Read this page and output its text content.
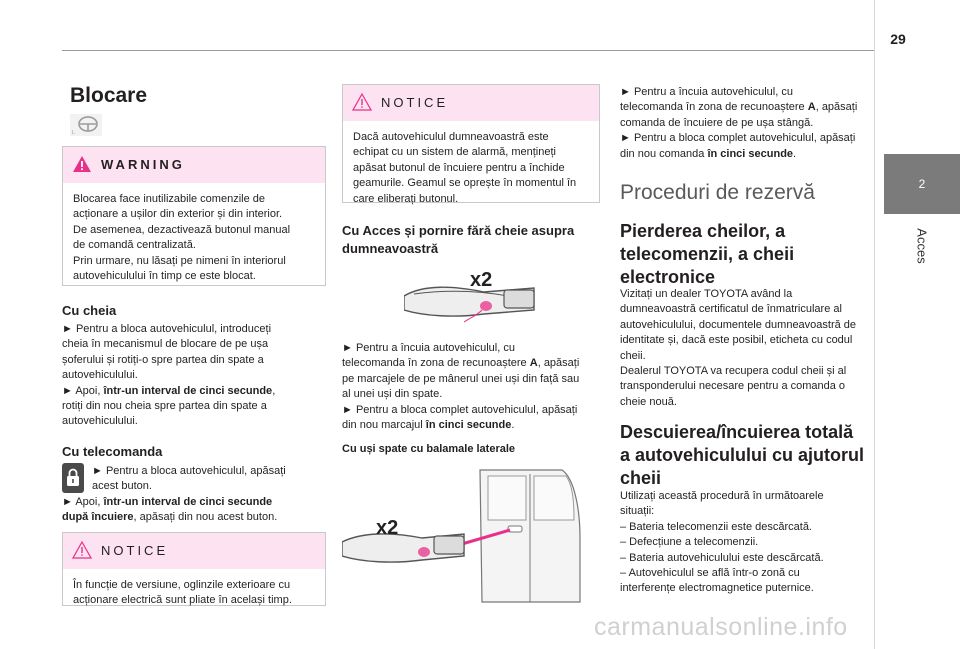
29
2
Acces
Blocare
L
WARNING

Blocarea face inutilizabile comenzile de

acționare a ușilor din exterior și din interior.

De asemenea, dezactivează butonul manual

de comandă centralizată.

Prin urmare, nu lăsați pe nimeni în interiorul

autovehiculului în timp ce este blocat.

Cu cheia

► Pentru a bloca autovehiculul, introduceți

cheia în mecanismul de blocare de pe ușa

șoferului și rotiți-o spre partea din spate a

autovehiculului.

► Apoi, într-un interval de cinci secunde,

rotiți din nou cheia spre partea din spate a

autovehiculului.

Cu telecomanda

► Pentru a bloca autovehiculul, apăsați

acest buton.

► Apoi, într-un interval de cinci secunde

după încuiere, apăsați din nou acest buton.

NOTICE

În funcție de versiune, oglinzile exterioare cu

acționare electrică sunt pliate în același timp.

NOTICE

Dacă autovehiculul dumneavoastră este

echipat cu un sistem de alarmă, mențineți

apăsat butonul de încuiere pentru a închide

geamurile. Geamul se oprește în momentul în

care eliberați butonul.

Cu Acces și pornire fără cheie asupra
dumneavoastră
x2

► Pentru a încuia autovehiculul, cu

telecomanda în zona de recunoaștere A, apăsați

pe marcajele de pe mânerul unei uși din față sau

al unei uși din spate.

► Pentru a bloca complet autovehiculul, apăsați

din nou marcajul în cinci secunde.

Cu uși spate cu balamale laterale
x2

► Pentru a încuia autovehiculul, cu

telecomanda în zona de recunoaștere A, apăsați

comanda de încuiere de pe ușa stângă.

► Pentru a bloca complet autovehiculul, apăsați

din nou comanda în cinci secunde.

Proceduri de rezervă
Pierderea cheilor, a
telecomenzii, a cheii
electronice

Vizitați un dealer TOYOTA având la

dumneavoastră certificatul de înmatriculare al

autovehiculului, documentele dumneavoastră de

identitate și, dacă este posibil, eticheta cu codul

cheii.

Dealerul TOYOTA va recupera codul cheii și al

transponderului necesare pentru a comanda o

cheie nouă.

Descuierea/încuierea totală
a autovehiculului cu ajutorul
cheii

Utilizați această procedură în următoarele

situații:

– Bateria telecomenzii este descărcată.

– Defecțiune a telecomenzii.

– Bateria autovehiculului este descărcată.

– Autovehiculul se află într-o zonă cu

interferențe electromagnetice puternice.

carmanualsonline.info
